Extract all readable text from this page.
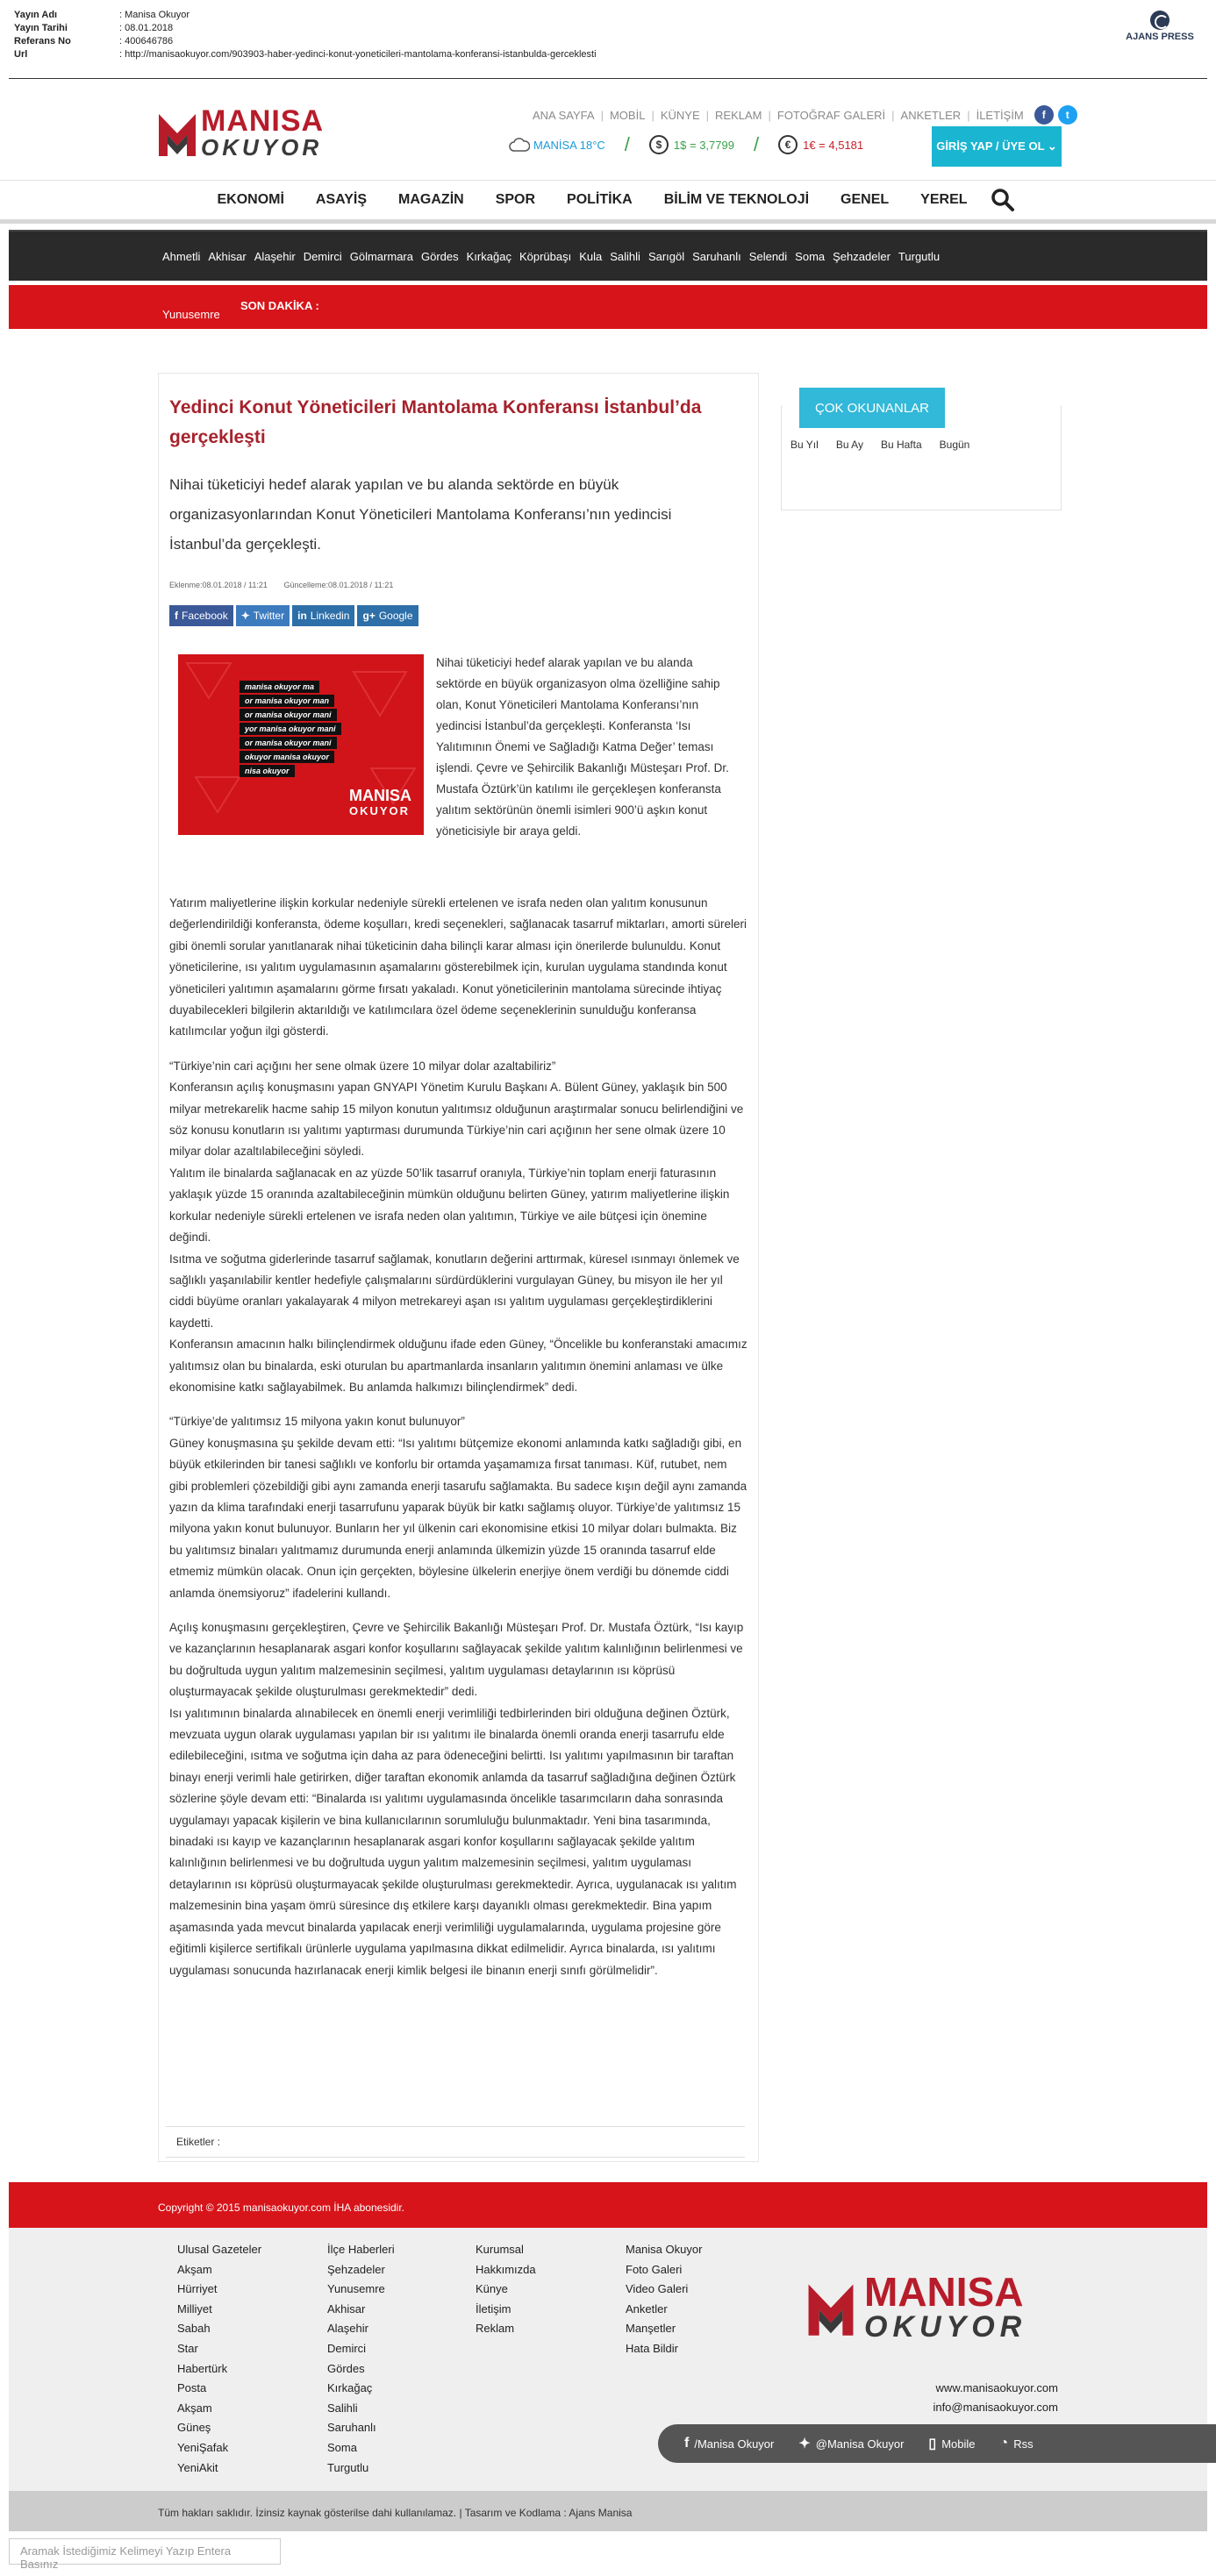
Yayın Adı	: Manisa Okuyor
Yayın Tarihi	: 08.01.2018
Referans No	: 400646786
Url	: http://manisaokuyor.com/903903-haber-yedinci-konut-yoneticileri-mantolama-konferansi-istanbulda-gerceklesti
AJANS PRESS
MANISA
OKUYOR
ANA SAYFA | MOBİL | KÜNYE | REKLAM | FOTOĞRAF GALERİ | ANKETLER | İLETİŞİM	f	t
MANİSA 18°C /	$	1$ = 3,7799 /	€	1€ = 4,5181	GİRİŞ YAP / ÜYE OL ⌄
EKONOMİ ASAYİŞ MAGAZİN SPOR POLİTİKA BİLİM VE TEKNOLOJİ GENEL YEREL
Ahmetli Akhisar Alaşehir Demirci Gölmarmara Gördes Kırkağaç Köprübaşı Kula Salihli Sarıgöl Saruhanlı Selendi Soma Şehzadeler Turgutlu
Yunusemre
SON DAKİKA :
Yedinci Konut Yöneticileri Mantolama Konferansı İstanbul’da gerçekleşti
Nihai tüketiciyi hedef alarak yapılan ve bu alanda sektörde en büyük organizasyonlarından Konut Yöneticileri Mantolama Konferansı’nın yedincisi İstanbul’da gerçekleşti.
Eklenme:08.01.2018 / 11:21 Güncelleme:08.01.2018 / 11:21
f Facebook ✦ Twitter in Linkedin g+ Google
manisa okuyor ma
or manisa okuyor man
or manisa okuyor mani
yor manisa okuyor mani
or manisa okuyor mani
okuyor manisa okuyor
nisa okuyor
MANISA
OKUYOR
Nihai tüketiciyi hedef alarak yapılan ve bu alanda sektörde en büyük organizasyon olma özelliğine sahip olan, Konut Yöneticileri Mantolama Konferansı’nın yedincisi İstanbul’da gerçekleşti. Konferansta ‘Isı Yalıtımının Önemi ve Sağladığı Katma Değer’ teması işlendi. Çevre ve Şehircilik Bakanlığı Müsteşarı Prof. Dr. Mustafa Öztürk’ün katılımı ile gerçekleşen konferansta yalıtım sektörünün önemli isimleri 900’ü aşkın konut yöneticisiyle bir araya geldi.

Yatırım maliyetlerine ilişkin korkular nedeniyle sürekli ertelenen ve israfa neden olan yalıtım konusunun değerlendirildiği konferansta, ödeme koşulları, kredi seçenekleri, sağlanacak tasarruf miktarları, amorti süreleri gibi önemli sorular yanıtlanarak nihai tüketicinin daha bilinçli karar alması için önerilerde bulunuldu. Konut yöneticilerine, ısı yalıtım uygulamasının aşamalarını gösterebilmek için, kurulan uygulama standında konut yöneticileri yalıtımın aşamalarını görme fırsatı yakaladı. Konut yöneticilerinin mantolama sürecinde ihtiyaç duyabilecekleri bilgilerin aktarıldığı ve katılımcılara özel ödeme seçeneklerinin sunulduğu konferansa katılımcılar yoğun ilgi gösterdi.

“Türkiye’nin cari açığını her sene olmak üzere 10 milyar dolar azaltabiliriz”
Konferansın açılış konuşmasını yapan GNYAPI Yönetim Kurulu Başkanı A. Bülent Güney, yaklaşık bin 500 milyar metrekarelik hacme sahip 15 milyon konutun yalıtımsız olduğunun araştırmalar sonucu belirlendiğini ve söz konusu konutların ısı yalıtımı yaptırması durumunda Türkiye’nin cari açığının her sene olmak üzere 10 milyar dolar azaltılabileceğini söyledi.
Yalıtım ile binalarda sağlanacak en az yüzde 50’lik tasarruf oranıyla, Türkiye’nin toplam enerji faturasının yaklaşık yüzde 15 oranında azaltabileceğinin mümkün olduğunu belirten Güney, yatırım maliyetlerine ilişkin korkular nedeniyle sürekli ertelenen ve israfa neden olan yalıtımın, Türkiye ve aile bütçesi için önemine değindi.
Isıtma ve soğutma giderlerinde tasarruf sağlamak, konutların değerini arttırmak, küresel ısınmayı önlemek ve sağlıklı yaşanılabilir kentler hedefiyle çalışmalarını sürdürdüklerini vurgulayan Güney, bu misyon ile her yıl ciddi büyüme oranları yakalayarak 4 milyon metrekareyi aşan ısı yalıtım uygulaması gerçekleştirdiklerini kaydetti.
Konferansın amacının halkı bilinçlendirmek olduğunu ifade eden Güney, “Öncelikle bu konferanstaki amacımız yalıtımsız olan bu binalarda, eski oturulan bu apartmanlarda insanların yalıtımın önemini anlaması ve ülke ekonomisine katkı sağlayabilmek. Bu anlamda halkımızı bilinçlendirmek” dedi.

“Türkiye’de yalıtımsız 15 milyona yakın konut bulunuyor”
Güney konuşmasına şu şekilde devam etti: “Isı yalıtımı bütçemize ekonomi anlamında katkı sağladığı gibi, en büyük etkilerinden bir tanesi sağlıklı ve konforlu bir ortamda yaşamamıza fırsat tanıması. Küf, rutubet, nem gibi problemleri çözebildiği gibi aynı zamanda enerji tasarufu sağlamakta. Bu sadece kışın değil aynı zamanda yazın da klima tarafındaki enerji tasarrufunu yaparak büyük bir katkı sağlamış oluyor. Türkiye’de yalıtımsız 15 milyona yakın konut bulunuyor. Bunların her yıl ülkenin cari ekonomisine etkisi 10 milyar doları bulmakta. Biz bu yalıtımsız binaları yalıtmamız durumunda enerji anlamında ülkemizin yüzde 15 oranında tasarruf elde etmemiz mümkün olacak. Onun için gerçekten, böylesine ülkelerin enerjiye önem verdiği bu dönemde ciddi anlamda önemsiyoruz” ifadelerini kullandı.

Açılış konuşmasını gerçekleştiren, Çevre ve Şehircilik Bakanlığı Müsteşarı Prof. Dr. Mustafa Öztürk, “Isı kayıp ve kazançlarının hesaplanarak asgari konfor koşullarını sağlayacak şekilde yalıtım kalınlığının belirlenmesi ve bu doğrultuda uygun yalıtım malzemesinin seçilmesi, yalıtım uygulaması detaylarının ısı köprüsü oluşturmayacak şekilde oluşturulması gerekmektedir” dedi.
Isı yalıtımının binalarda alınabilecek en önemli enerji verimliliği tedbirlerinden biri olduğuna değinen Öztürk, mevzuata uygun olarak uygulaması yapılan bir ısı yalıtımı ile binalarda önemli oranda enerji tasarrufu elde edilebileceğini, ısıtma ve soğutma için daha az para ödeneceğini belirtti. Isı yalıtımı yapılmasının bir taraftan binayı enerji verimli hale getirirken, diğer taraftan ekonomik anlamda da tasarruf sağladığına değinen Öztürk sözlerine şöyle devam etti: “Binalarda ısı yalıtımı uygulamasında öncelikle tasarımcıların daha sonrasında uygulamayı yapacak kişilerin ve bina kullanıcılarının sorumluluğu bulunmaktadır. Yeni bina tasarımında, binadaki ısı kayıp ve kazançlarının hesaplanarak asgari konfor koşullarını sağlayacak şekilde yalıtım kalınlığının belirlenmesi ve bu doğrultuda uygun yalıtım malzemesinin seçilmesi, yalıtım uygulaması detaylarının ısı köprüsü oluşturmayacak şekilde oluşturulması gerekmektedir. Ayrıca, uygulanacak ısı yalıtım malzemesinin bina yaşam ömrü süresince dış etkilere karşı dayanıklı olması gerekmektedir. Bina yapım aşamasında yada mevcut binalarda yapılacak enerji verimliliği uygulamalarında, uygulama projesine göre eğitimli kişilerce sertifikalı ürünlerle uygulama yapılmasına dikkat edilmelidir. Ayrıca binalarda, ısı yalıtımı uygulaması sonucunda hazırlanacak enerji kimlik belgesi ile binanın enerji sınıfı görülmelidir”.

Etiketler :
ÇOK OKUNANLAR
Bu Yıl Bu Ay Bu Hafta Bugün
Copyright © 2015 manisaokuyor.com İHA abonesidir.
Ulusal Gazeteler
Akşam
Hürriyet
Milliyet
Sabah
Star
Habertürk
Posta
Akşam
Güneş
YeniŞafak
YeniAkit
İlçe Haberleri
Şehzadeler
Yunusemre
Akhisar
Alaşehir
Demirci
Gördes
Kırkağaç
Salihli
Saruhanlı
Soma
Turgutlu
Kurumsal
Hakkımızda
Künye
İletişim
Reklam
Manisa Okuyor
Foto Galeri
Video Galeri
Anketler
Manşetler
Hata Bildir
MANISA
OKUYOR
www.manisaokuyor.com
info@manisaokuyor.com
f /Manisa Okuyor ✦ @Manisa Okuyor ▯ Mobile ◔ Rss
Tüm hakları saklıdır. İzinsiz kaynak gösterilse dahi kullanılamaz. | Tasarım ve Kodlama : Ajans Manisa
Aramak İstediğimiz Kelimeyi Yazıp Entera Basınız
